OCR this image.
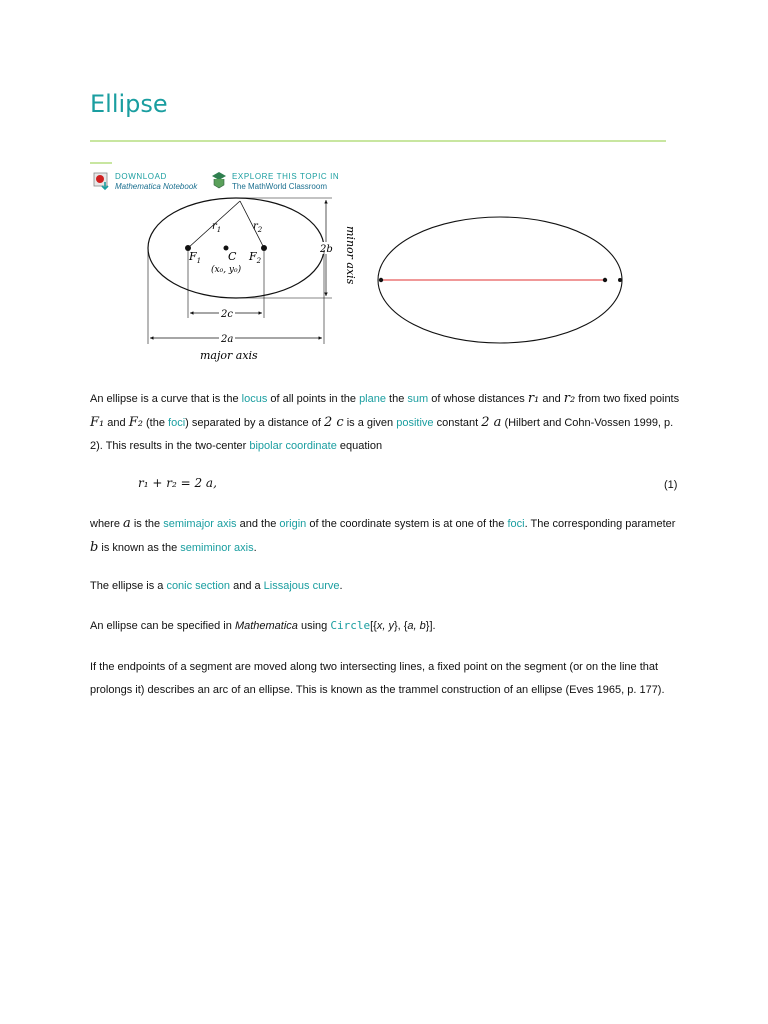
Ellipse
DOWNLOAD
Mathematica Notebook
EXPLORE THIS TOPIC IN
The MathWorld Classroom
$r_1$	$r_2$
$F_1$	$F_2$
C
(x₀, y₀)
2b minor axis
2c
2a
major axis
An ellipse is a curve that is the locus of all points in the plane the sum of whose distances r₁ and r₂ from two fixed points F₁ and F₂ (the foci) separated by a distance of 2 c is a given positive constant 2 a (Hilbert and Cohn-Vossen 1999, p. 2). This results in the two-center bipolar coordinate equation
r₁ + r₂ = 2 a,	(1)
where a is the semimajor axis and the origin of the coordinate system is at one of the foci. The corresponding parameter b is known as the semiminor axis.
The ellipse is a conic section and a Lissajous curve.
An ellipse can be specified in Mathematica using Circle[{x, y}, {a, b}].
If the endpoints of a segment are moved along two intersecting lines, a fixed point on the segment (or on the line that prolongs it) describes an arc of an ellipse. This is known as the trammel construction of an ellipse (Eves 1965, p. 177).
